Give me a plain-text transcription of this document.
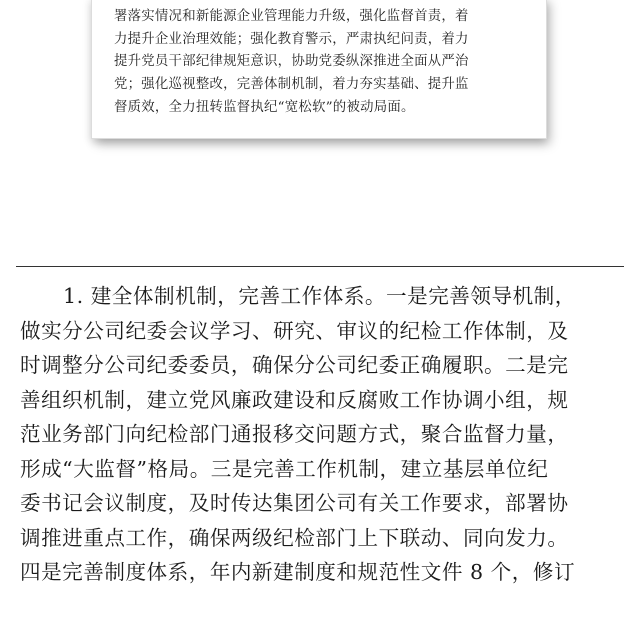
署落实情况和新能源企业管理能力升级，强化监督首责，着
力提升企业治理效能；强化教育警示，严肃执纪问责，着力
提升党员干部纪律规矩意识，协助党委纵深推进全面从严治
党；强化巡视整改，完善体制机制，着力夯实基础、提升监
督质效，全力扭转监督执纪“宽松软”的被动局面。
1. 建全体制机制，完善工作体系。一是完善领导机制，
做实分公司纪委会议学习、研究、审议的纪检工作体制，及
时调整分公司纪委委员，确保分公司纪委正确履职。二是完
善组织机制，建立党风廉政建设和反腐败工作协调小组，规
范业务部门向纪检部门通报移交问题方式，聚合监督力量，
形成“大监督”格局。三是完善工作机制，建立基层单位纪
委书记会议制度，及时传达集团公司有关工作要求，部署协
调推进重点工作，确保两级纪检部门上下联动、同向发力。
四是完善制度体系，年内新建制度和规范性文件 8 个，修订
